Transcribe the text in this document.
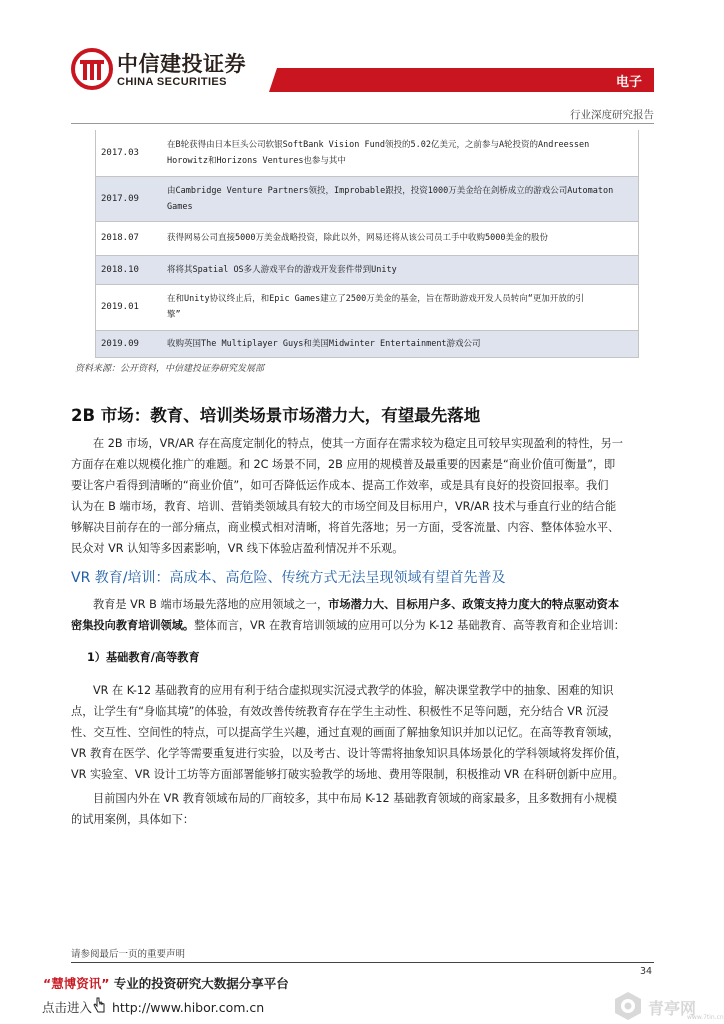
中信建投证券
CHINA SECURITIES	电子
行业深度研究报告
2017.03	在B轮获得由日本巨头公司软银SoftBank Vision Fund领投的5.02亿美元，之前参与A轮投资的Andreessen
Horowitz和Horizons Ventures也参与其中

2017.09	由Cambridge Venture Partners领投，Improbable跟投，投资1000万美金给在剑桥成立的游戏公司Automaton
Games

2018.07	获得网易公司直接5000万美金战略投资，除此以外，网易还将从该公司员工手中收购5000美金的股份

2018.10	将将其Spatial OS多人游戏平台的游戏开发套件带到Unity

2019.01	在和Unity协议终止后，和Epic Games建立了2500万美金的基金，旨在帮助游戏开发人员转向“更加开放的引
擎”

2019.09	收购英国The Multiplayer Guys和美国Midwinter Entertainment游戏公司
资料来源：公开资料，中信建投证券研究发展部
2B 市场：教育、培训类场景市场潜力大，有望最先落地
在 2B 市场，VR/AR 存在高度定制化的特点，使其一方面存在需求较为稳定且可较早实现盈利的特性，另一
方面存在难以规模化推广的难题。和 2C 场景不同，2B 应用的规模普及最重要的因素是“商业价值可衡量”，即
要让客户看得到清晰的“商业价值”，如可否降低运作成本、提高工作效率，或是具有良好的投资回报率。我们
认为在 B 端市场，教育、培训、营销类领域具有较大的市场空间及目标用户，VR/AR 技术与垂直行业的结合能
够解决目前存在的一部分痛点，商业模式相对清晰，将首先落地；另一方面，受客流量、内容、整体体验水平、
民众对 VR 认知等多因素影响，VR 线下体验店盈利情况并不乐观。
VR 教育/培训：高成本、高危险、传统方式无法呈现领域有望首先普及
教育是 VR B 端市场最先落地的应用领域之一，市场潜力大、目标用户多、政策支持力度大的特点驱动资本
密集投向教育培训领域。整体而言，VR 在教育培训领域的应用可以分为 K-12 基础教育、高等教育和企业培训：
1）基础教育/高等教育
VR 在 K-12 基础教育的应用有利于结合虚拟现实沉浸式教学的体验，解决课堂教学中的抽象、困难的知识
点，让学生有“身临其境”的体验，有效改善传统教育存在学生主动性、积极性不足等问题，充分结合 VR 沉浸
性、交互性、空间性的特点，可以提高学生兴趣，通过直观的画面了解抽象知识并加以记忆。在高等教育领域，
VR 教育在医学、化学等需要重复进行实验，以及考古、设计等需将抽象知识具体场景化的学科领域将发挥价值，
VR 实验室、VR 设计工坊等方面部署能够打破实验教学的场地、费用等限制，积极推动 VR 在科研创新中应用。
目前国内外在 VR 教育领域布局的厂商较多，其中布局 K-12 基础教育领域的商家最多，且多数拥有小规模
的试用案例，具体如下：
请参阅最后一页的重要声明
34
“慧博资讯” 专业的投资研究大数据分享平台
点击进入 http://www.hibor.com.cn	青亭网
www.7tin.cn
